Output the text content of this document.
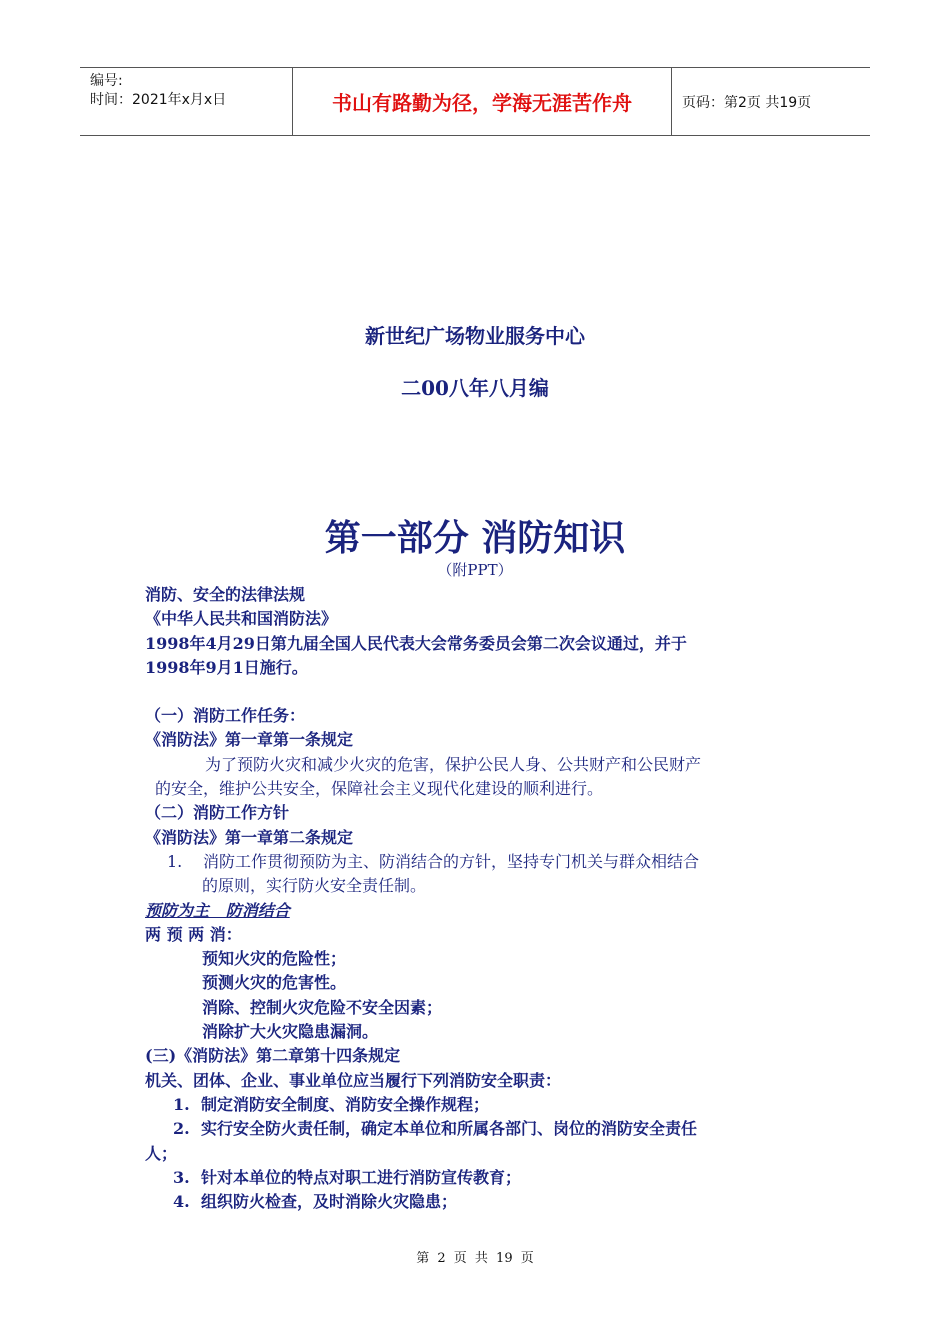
编号:
时间：2021年x月x日	书山有路勤为径，学海无涯苦作舟	页码：第2页 共19页
新世纪广场物业服务中心
二00八年八月编
第一部分 消防知识
（附PPT）
消防、安全的法律法规
《中华人民共和国消防法》
1998年4月29日第九届全国人民代表大会常务委员会第二次会议通过，并于
1998年9月1日施行。
（一）消防工作任务：
《消防法》第一章第一条规定
为了预防火灾和减少火灾的危害，保护公民人身、公共财产和公民财产
的安全，维护公共安全，保障社会主义现代化建设的顺利进行。
（二）消防工作方针
《消防法》第一章第二条规定
1. 消防工作贯彻预防为主、防消结合的方针，坚持专门机关与群众相结合
的原则，实行防火安全责任制。
预防为主   防消结合
两 预 两 消：
预知火灾的危险性；
预测火灾的危害性。
消除、控制火灾危险不安全因素；
消除扩大火灾隐患漏洞。
(三)《消防法》第二章第十四条规定
机关、团体、企业、事业单位应当履行下列消防安全职责：
1. 制定消防安全制度、消防安全操作规程；
2. 实行安全防火责任制，确定本单位和所属各部门、岗位的消防安全责任
人；
3. 针对本单位的特点对职工进行消防宣传教育；
4. 组织防火检查，及时消除火灾隐患；
第 2 页 共 19 页
